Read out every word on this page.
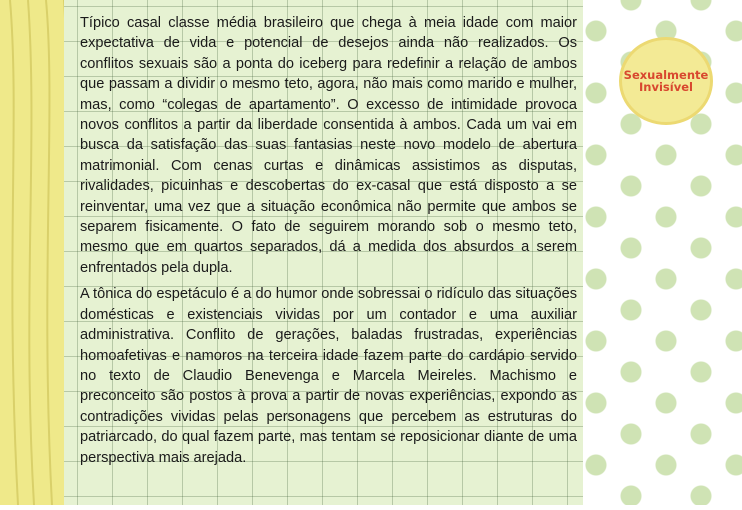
Sexualmente
Invisível

Típico casal classe média brasileiro que chega à meia idade com maior expectativa de vida e potencial de desejos ainda não realizados. Os conflitos sexuais são a ponta do iceberg para redefinir a relação de ambos que passam a dividir o mesmo teto, agora, não mais como marido e mulher, mas, como “colegas de apartamento”. O excesso de intimidade provoca novos conflitos a partir da liberdade consentida à ambos. Cada um vai em busca da satisfação das suas fantasias neste novo modelo de abertura matrimonial. Com cenas curtas e dinâmicas assistimos as disputas, rivalidades, picuinhas e descobertas do ex-casal que está disposto a se reinventar, uma vez que a situação econômica não permite que ambos se separem fisicamente. O fato de seguirem morando sob o mesmo teto, mesmo que em quartos separados, dá a medida dos absurdos a serem enfrentados pela dupla.

A tônica do espetáculo é a do humor onde sobressai o ridículo das situações domésticas e existenciais vividas por um contador e uma auxiliar administrativa. Conflito de gerações, baladas frustradas, experiências homoafetivas e namoros na terceira idade fazem parte do cardápio servido no texto de Claudio Benevenga e Marcela Meireles. Machismo e preconceito são postos à prova a partir de novas experiências, expondo as contradições vividas pelas personagens que percebem as estruturas do patriarcado, do qual fazem parte, mas tentam se reposicionar diante de uma perspectiva mais arejada.
